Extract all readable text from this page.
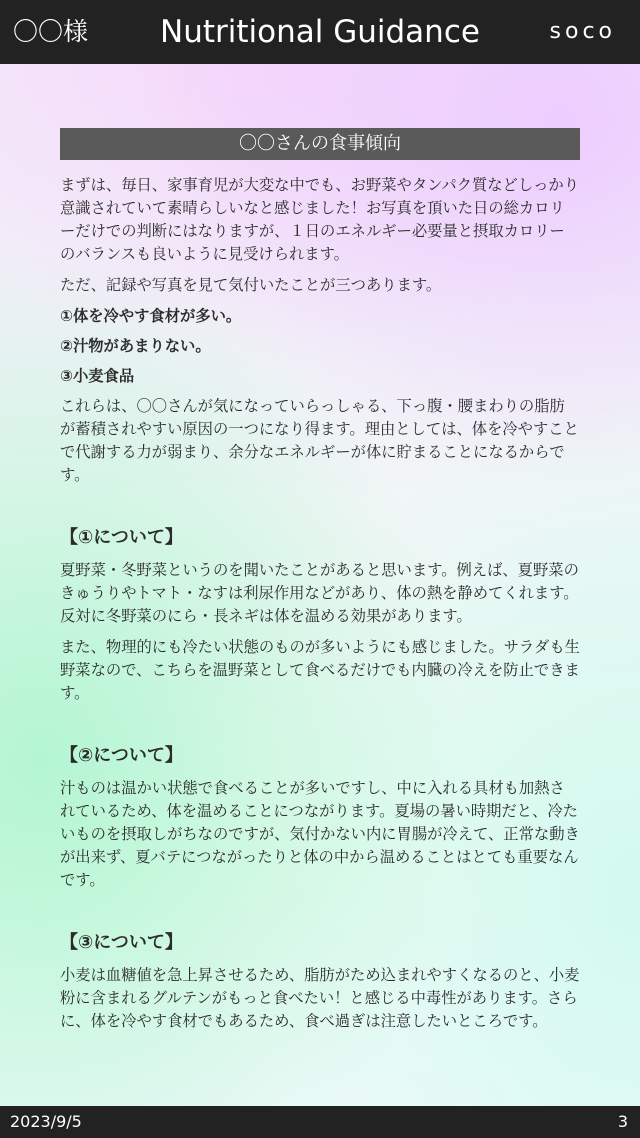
〇〇様	Nutritional Guidance	soco
〇〇さんの食事傾向

まずは、毎日、家事育児が大変な中でも、お野菜やタンパク質などしっかり意識されていて素晴らしいなと感じました！お写真を頂いた日の総カロリーだけでの判断にはなりますが、１日のエネルギー必要量と摂取カロリーのバランスも良いように見受けられます。

ただ、記録や写真を見て気付いたことが三つあります。

①体を冷やす食材が多い。

②汁物があまりない。

③小麦食品

これらは、〇〇さんが気になっていらっしゃる、下っ腹・腰まわりの脂肪が蓄積されやすい原因の一つになり得ます。理由としては、体を冷やすことで代謝する力が弱まり、余分なエネルギーが体に貯まることになるからです。

【①について】

夏野菜・冬野菜というのを聞いたことがあると思います。例えば、夏野菜のきゅうりやトマト・なすは利尿作用などがあり、体の熱を静めてくれます。反対に冬野菜のにら・長ネギは体を温める効果があります。

また、物理的にも冷たい状態のものが多いようにも感じました。サラダも生野菜なので、こちらを温野菜として食べるだけでも内臓の冷えを防止できます。

【②について】

汁ものは温かい状態で食べることが多いですし、中に入れる具材も加熱されているため、体を温めることにつながります。夏場の暑い時期だと、冷たいものを摂取しがちなのですが、気付かない内に胃腸が冷えて、正常な動きが出来ず、夏バテにつながったりと体の中から温めることはとても重要なんです。

【③について】

小麦は血糖値を急上昇させるため、脂肪がため込まれやすくなるのと、小麦粉に含まれるグルテンがもっと食べたい！と感じる中毒性があります。さらに、体を冷やす食材でもあるため、食べ過ぎは注意したいところです。

2023/9/5	3
